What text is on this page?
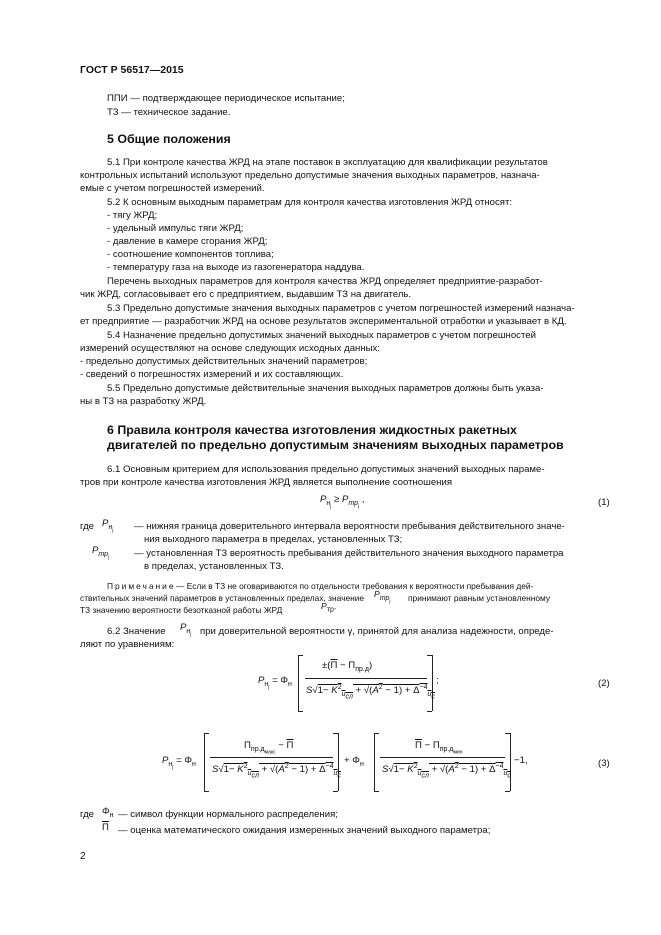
ГОСТ Р 56517—2015
ППИ — подтверждающее периодическое испытание;
ТЗ — техническое задание.
5 Общие положения
5.1 При контроле качества ЖРД на этапе поставок в эксплуатацию для квалификации результатов
контрольных испытаний используют предельно допустимые значения выходных параметров, назнача-
емые с учетом погрешностей измерений.
5.2 К основным выходным параметрам для контроля качества изготовления ЖРД относят:
- тягу ЖРД;
- удельный импульс тяги ЖРД;
- давление в камере сгорания ЖРД;
- соотношение компонентов топлива;
- температуру газа на выходе из газогенератора наддува.
Перечень выходных параметров для контроля качества ЖРД определяет предприятие-разработ-
чик ЖРД, согласовывает его с предприятием, выдавшим ТЗ на двигатель.
5.3 Предельно допустимые значения выходных параметров с учетом погрешностей измерений назнача-
ет предприятие — разработчик ЖРД на основе результатов экспериментальной отработки и указывает в КД.
5.4 Назначение предельно допустимых значений выходных параметров с учетом погрешностей
измерений осуществляют на основе следующих исходных данных:
- предельно допустимых действительных значений параметров;
- сведений о погрешностях измерений и их составляющих.
5.5 Предельно допустимые действительные значения выходных параметров должны быть указа-
ны в ТЗ на разработку ЖРД.
6 Правила контроля качества изготовления жидкостных ракетных
двигателей по предельно допустимым значениям выходных параметров
6.1 Основным критерием для использования предельно допустимых значений выходных параме-
тров при контроле качества изготовления ЖРД является выполнение соотношения
$P_{н_j} \ge P_{тр_j}$ ,	(1)
где $P_{н_j}$ — нижняя граница доверительного интервала вероятности пребывания действительного значе-
ния выходного параметра в пределах, установленных ТЗ;
$P_{тр_j}$	— установленная ТЗ вероятность пребывания действительного значения выходного параметра
в пределах, установленных ТЗ.
Примечание — Если в ТЗ не оговариваются по отдельности требования к вероятности пребывания дей-
ствительных значений параметров в установленных пределах, значение $P_{тр_j}$ принимают равным установленному
ТЗ значению вероятности безотказной работы ЖРД	$P_{тр}$.
6.2 Значение $P_{н_j}$ при доверительной вероятности γ, принятой для анализа надежности, опреде-
ляют по уравнениям:
$P_{н_j} = \Phi_н$
$\pm(П - П_{пр.д})$
$S√1- K^2_{и_{сл}} + √(A^2 - 1) + \Delta^{-4}_{и_с}$
;	(2)
$P_{н_j} = \Phi_н$
$П_{пр.д_{макс}} - П$
$S√1- K^2_{и_{сл}} + √(A^2 - 1) + \Delta^{-4}_{и_с}$
+ $\Phi_н$
$П - П_{пр.д_{мин}}$
$S√1- K^2_{и_{сл}} + √(A^2 - 1) + \Delta^{-4}_{и_с}$
−1,	(3)
где $\Phi_н$ — символ функции нормального распределения;
П — оценка математического ожидания измеренных значений выходного параметра;
2
